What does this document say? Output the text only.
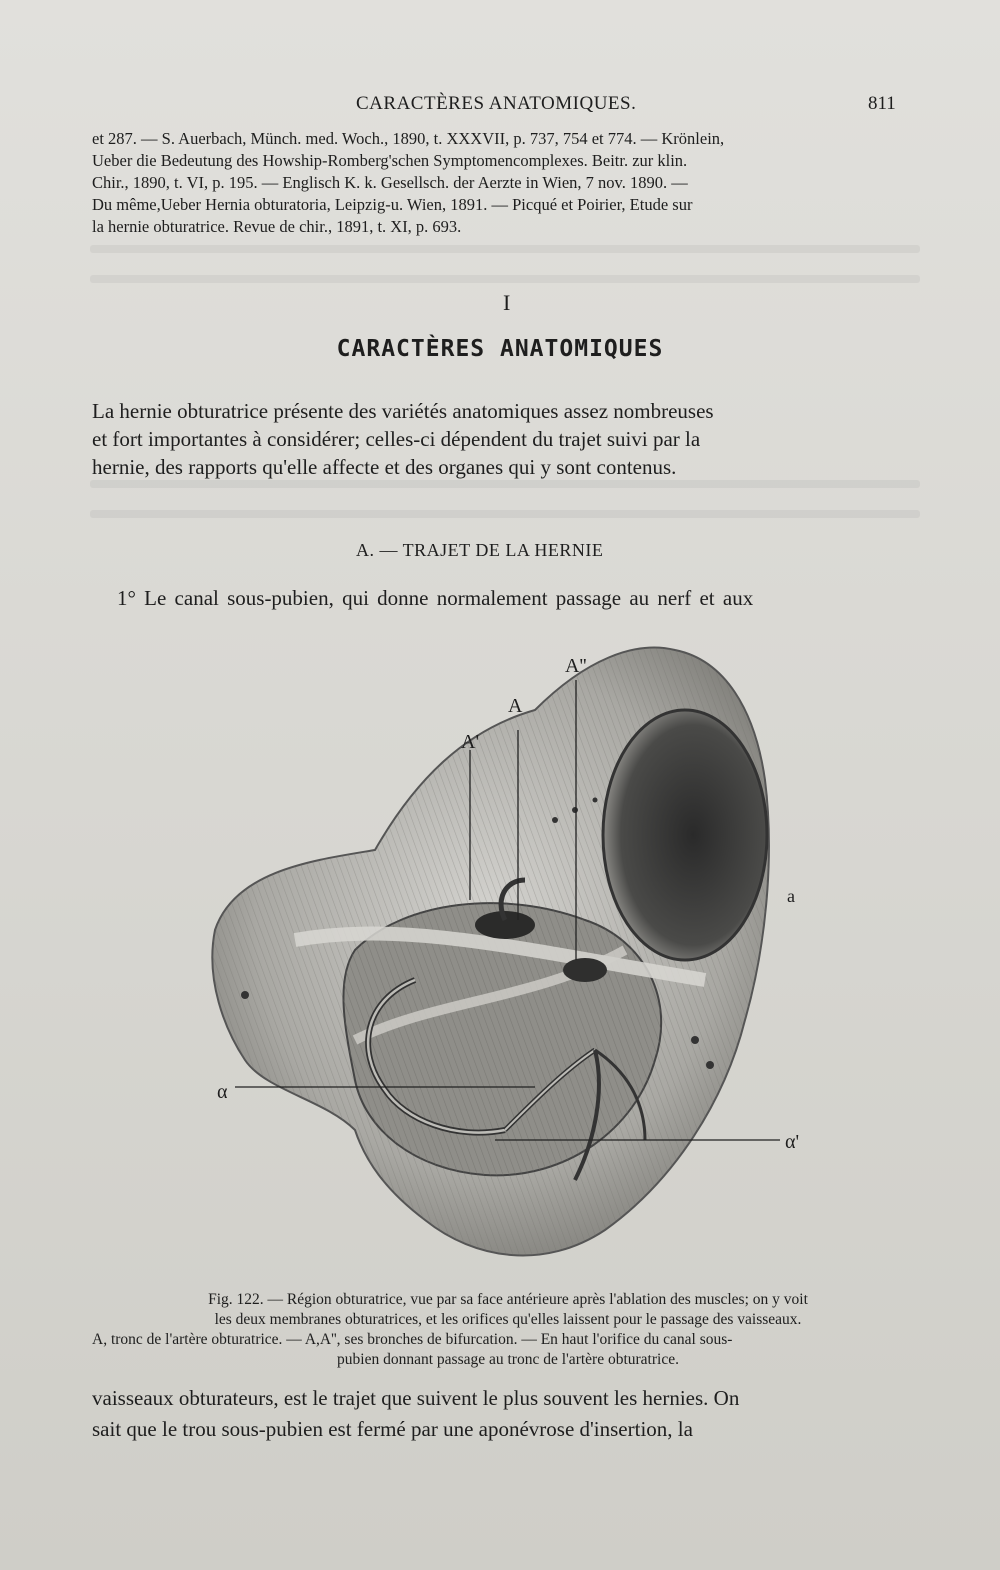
CARACTÈRES ANATOMIQUES.	811
et 287. — S. Auerbach, Münch. med. Woch., 1890, t. XXXVII, p. 737, 754 et 774. — Krönlein,
Ueber die Bedeutung des Howship-Romberg'schen Symptomencomplexes. Beitr. zur klin.
Chir., 1890, t. VI, p. 195. — Englisch K. k. Gesellsch. der Aerzte in Wien, 7 nov. 1890. —
Du même,Ueber Hernia obturatoria, Leipzig-u. Wien, 1891. — Picqué et Poirier, Etude sur
la hernie obturatrice. Revue de chir., 1891, t. XI, p. 693.
I
CARACTÈRES ANATOMIQUES
La hernie obturatrice présente des variétés anatomiques assez nombreuses
et fort importantes à considérer; celles-ci dépendent du trajet suivi par la
hernie, des rapports qu'elle affecte et des organes qui y sont contenus.
A. — TRAJET DE LA HERNIE
1° Le canal sous-pubien, qui donne normalement passage au nerf et aux
A''
A
A'
a
α
α'
Fig. 122. — Région obturatrice, vue par sa face antérieure après l'ablation des muscles; on y voit
les deux membranes obturatrices, et les orifices qu'elles laissent pour le passage des vaisseaux.
A, tronc de l'artère obturatrice. — A,A'', ses bronches de bifurcation. — En haut l'orifice du canal sous-
pubien donnant passage au tronc de l'artère obturatrice.
vaisseaux obturateurs, est le trajet que suivent le plus souvent les hernies. On
sait que le trou sous-pubien est fermé par une aponévrose d'insertion, la
